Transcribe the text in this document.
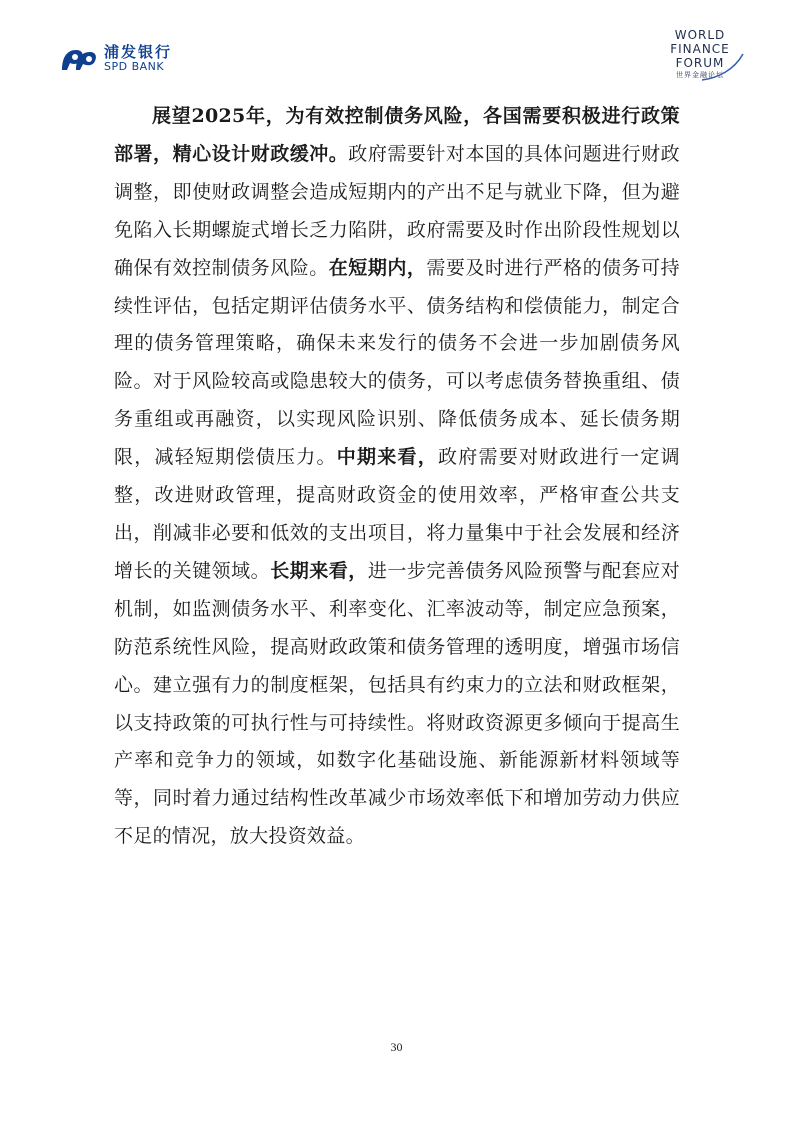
浦发银行
SPD BANK
WORLD
FINANCE
FORUM
世界金融论坛

展望2025年，为有效控制债务风险，各国需要积极进行政策部署，精心设计财政缓冲。政府需要针对本国的具体问题进行财政调整，即使财政调整会造成短期内的产出不足与就业下降，但为避免陷入长期螺旋式增长乏力陷阱，政府需要及时作出阶段性规划以确保有效控制债务风险。在短期内，需要及时进行严格的债务可持续性评估，包括定期评估债务水平、债务结构和偿债能力，制定合理的债务管理策略，确保未来发行的债务不会进一步加剧债务风险。对于风险较高或隐患较大的债务，可以考虑债务替换重组、债务重组或再融资，以实现风险识别、降低债务成本、延长债务期限，减轻短期偿债压力。中期来看，政府需要对财政进行一定调整，改进财政管理，提高财政资金的使用效率，严格审查公共支出，削减非必要和低效的支出项目，将力量集中于社会发展和经济增长的关键领域。长期来看，进一步完善债务风险预警与配套应对机制，如监测债务水平、利率变化、汇率波动等，制定应急预案，防范系统性风险，提高财政政策和债务管理的透明度，增强市场信心。建立强有力的制度框架，包括具有约束力的立法和财政框架，以支持政策的可执行性与可持续性。将财政资源更多倾向于提高生产率和竞争力的领域，如数字化基础设施、新能源新材料领域等等，同时着力通过结构性改革减少市场效率低下和增加劳动力供应不足的情况，放大投资效益。

30
